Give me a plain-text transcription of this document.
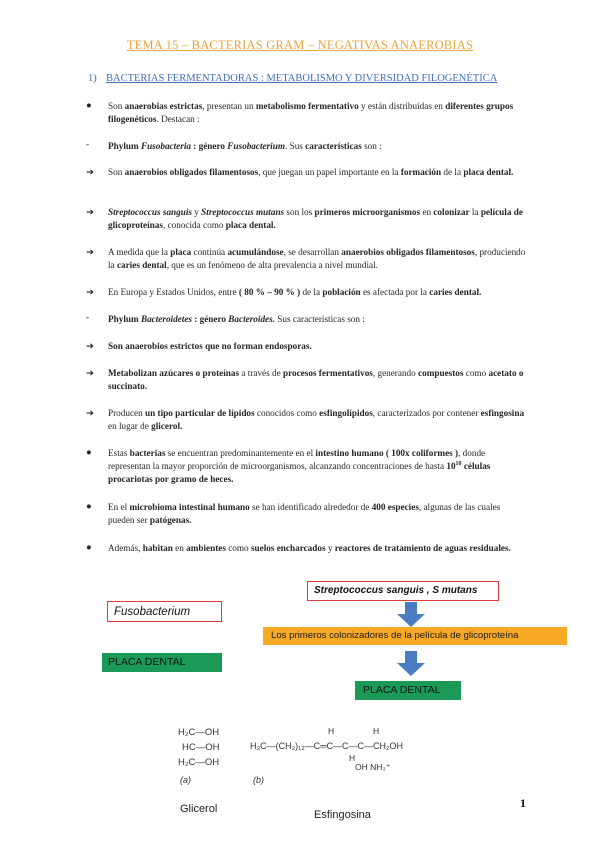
TEMA 15 – BACTERIAS GRAM – NEGATIVAS ANAEROBIAS
1) BACTERIAS FERMENTADORAS : METABOLISMO Y DIVERSIDAD FILOGENÉTICA
●	Son anaerobias estrictas, presentan un metabolismo fermentativo y están distribuidas en diferentes grupos filogenéticos. Destacan :
-	Phylum Fusobacteria : género Fusobacterium. Sus características son :
➔	Son anaerobios obligados filamentosos, que juegan un papel importante en la formación de la placa dental.
➔	Streptococcus sanguis y Streptococcus mutans son los primeros microorganismos en colonizar la película de glicoproteínas, conocida como placa dental.
➔	A medida que la placa continúa acumulándose, se desarrollan anaerobios obligados filamentosos, produciendo la caries dental, que es un fenómeno de alta prevalencia a nivel mundial.
➔	En Europa y Estados Unidos, entre ( 80 % – 90 % ) de la población es afectada por la caries dental.
-	Phylum Bacteroidetes : género Bacteroides. Sus características son :
➔	Son anaerobios estrictos que no forman endosporas.
➔	Metabolizan azúcares o proteínas a través de procesos fermentativos, generando compuestos como acetato o succinato.
➔	Producen un tipo particular de lípidos conocidos como esfingolípidos, caracterizados por contener esfingosina en lugar de glicerol.
●	Estas bacterias se encuentran predominantemente en el intestino humano ( 100x coliformes ), donde representan la mayor proporción de microorganismos, alcanzando concentraciones de hasta $10^{10}$ células procariotas por gramo de heces.
●	En el microbioma intestinal humano se han identificado alrededor de 400 especies, algunas de las cuales pueden ser patógenas.
●	Además, habitan en ambientes como suelos encharcados y reactores de tratamiento de aguas residuales.
Streptococcus sanguis , S mutans
Fusobacterium
Los primeros colonizadores de la película de glicoproteína
PLACA DENTAL
PLACA DENTAL
H₂C—OH
HC—OH
H₂C—OH
(a)
H	H
H₃C—(CH₂)₁₂—C═C—C—C—CH₂OH
H
OH NH₃⁺
(b)
Glicerol	Esfingosina
1
